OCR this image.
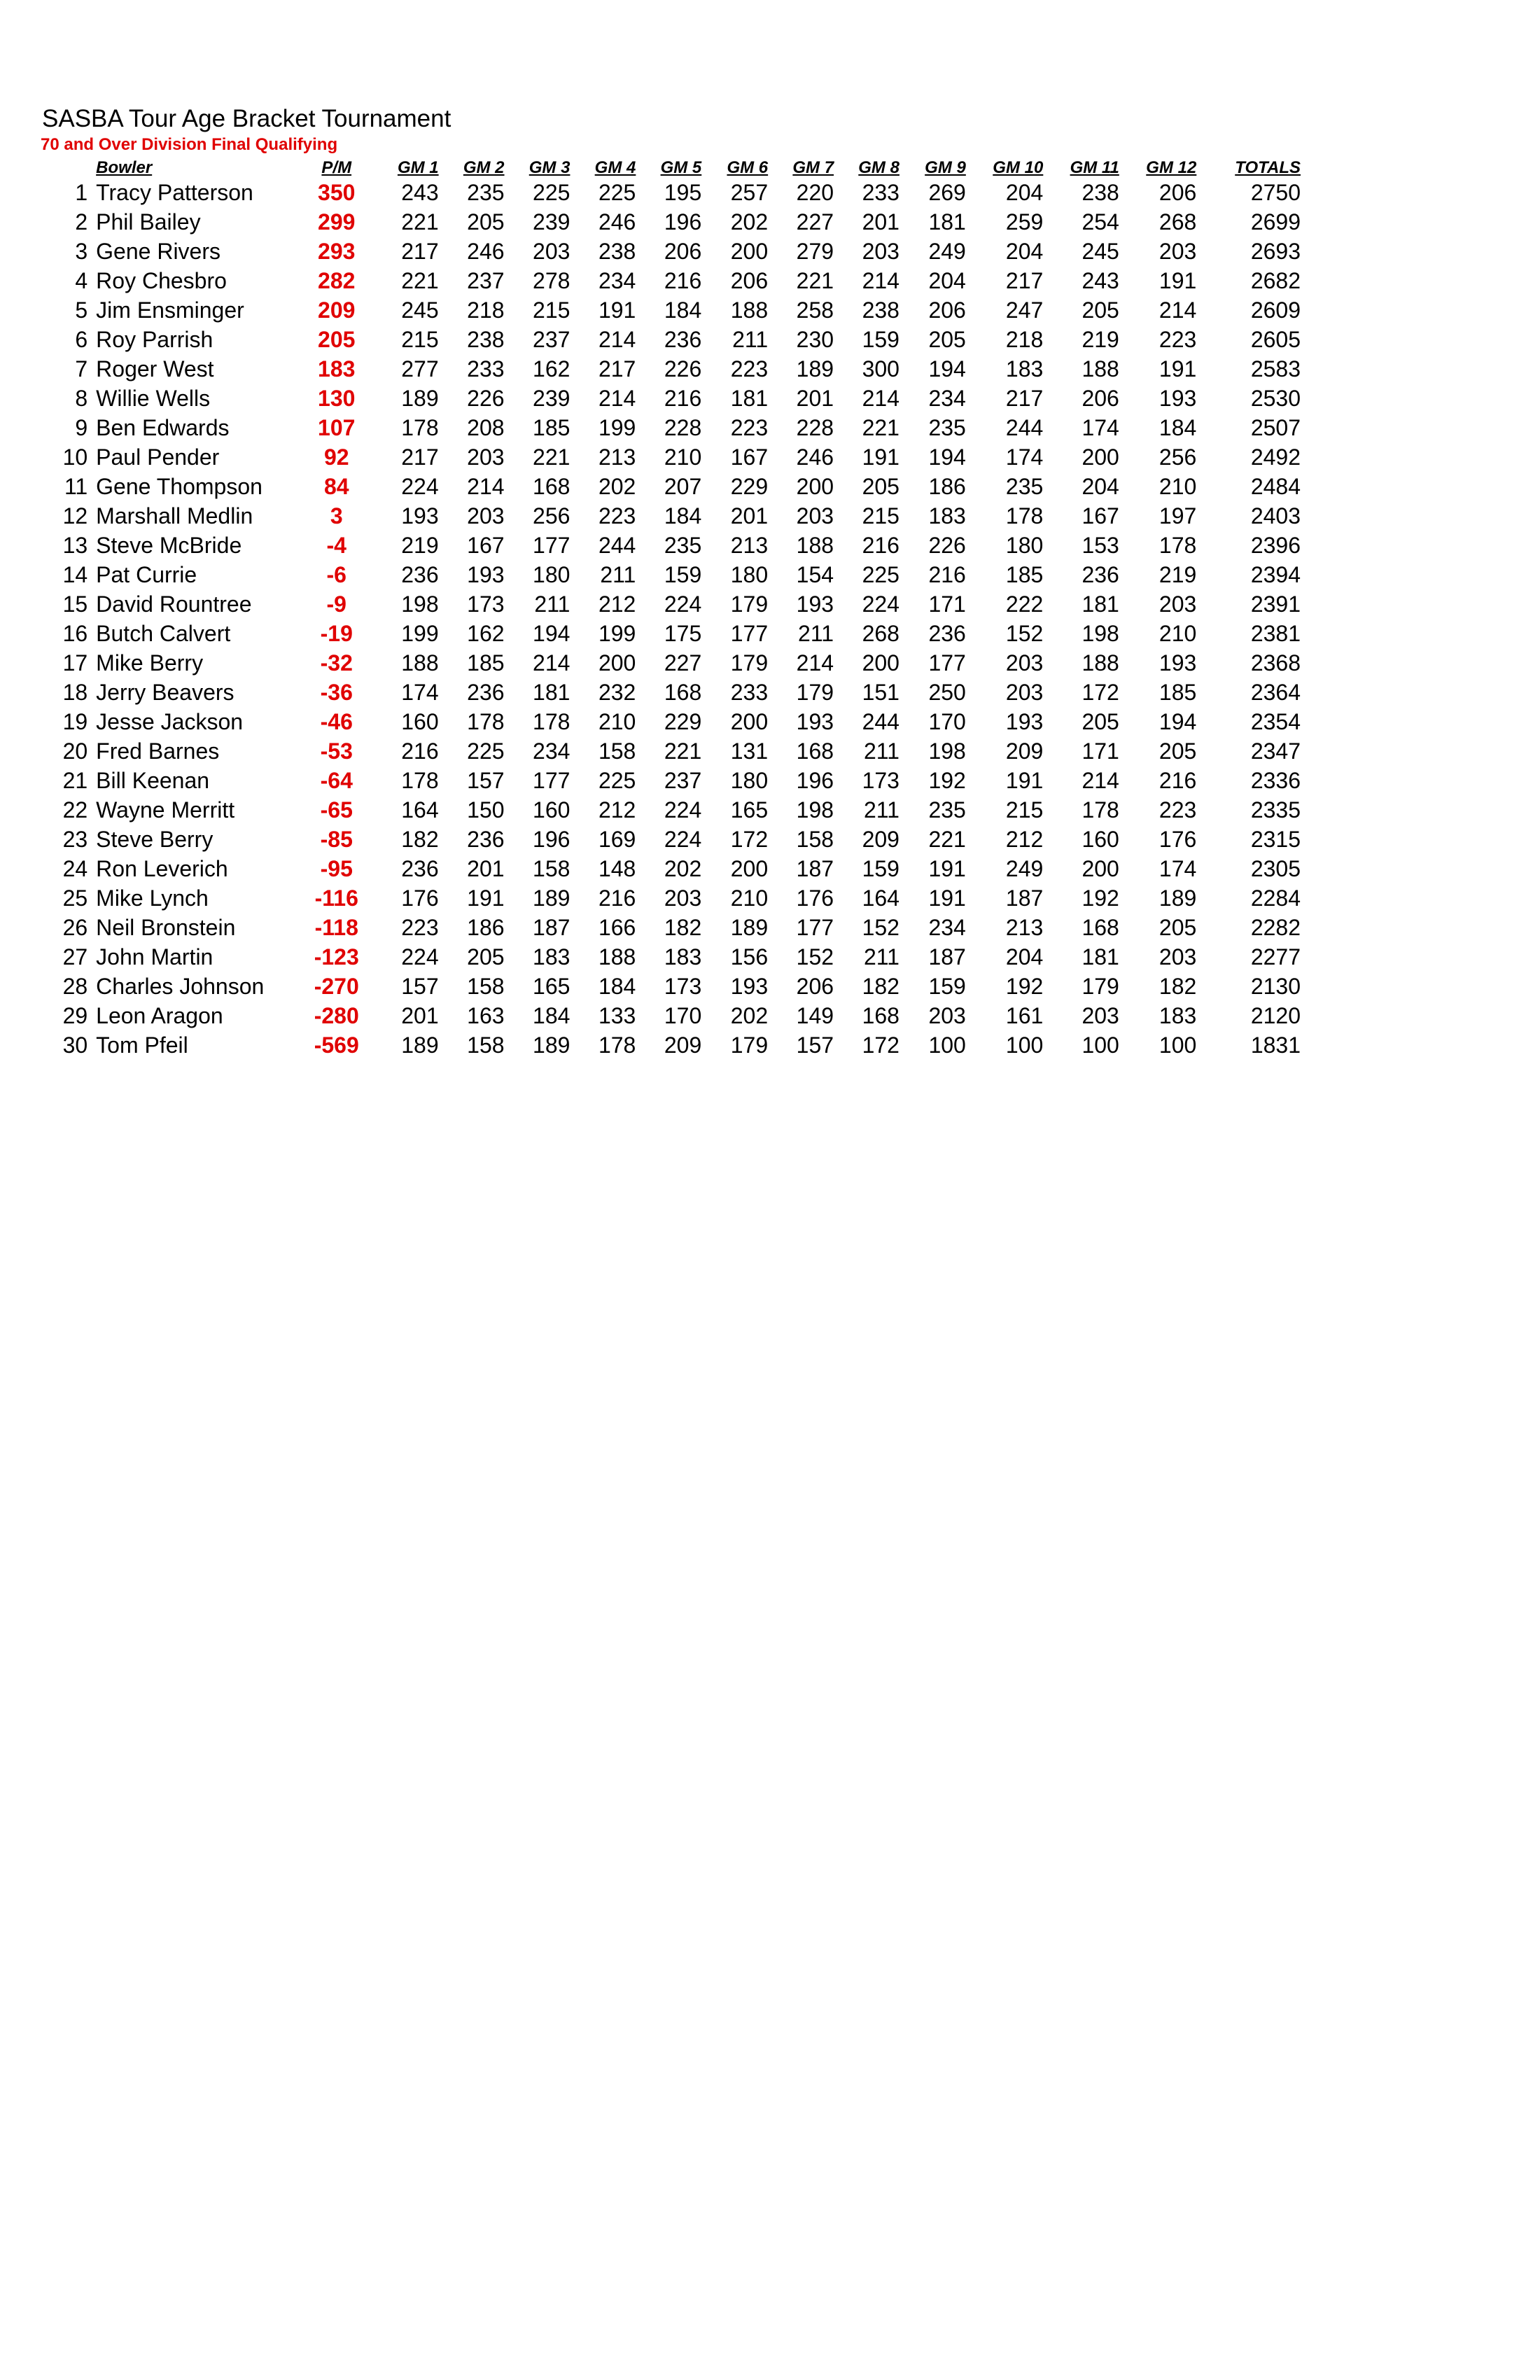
SASBA Tour Age Bracket Tournament
70 and Over Division Final Qualifying
	Bowler	P/M	GM 1	GM 2	GM 3	GM 4	GM 5	GM 6	GM 7	GM 8	GM 9	GM 10	GM 11	GM 12	TOTALS
1	Tracy Patterson	350	243	235	225	225	195	257	220	233	269	204	238	206	2750
2	Phil Bailey	299	221	205	239	246	196	202	227	201	181	259	254	268	2699
3	Gene Rivers	293	217	246	203	238	206	200	279	203	249	204	245	203	2693
4	Roy Chesbro	282	221	237	278	234	216	206	221	214	204	217	243	191	2682
5	Jim Ensminger	209	245	218	215	191	184	188	258	238	206	247	205	214	2609
6	Roy Parrish	205	215	238	237	214	236	211	230	159	205	218	219	223	2605
7	Roger West	183	277	233	162	217	226	223	189	300	194	183	188	191	2583
8	Willie Wells	130	189	226	239	214	216	181	201	214	234	217	206	193	2530
9	Ben Edwards	107	178	208	185	199	228	223	228	221	235	244	174	184	2507
10	Paul Pender	92	217	203	221	213	210	167	246	191	194	174	200	256	2492
11	Gene Thompson	84	224	214	168	202	207	229	200	205	186	235	204	210	2484
12	Marshall Medlin	3	193	203	256	223	184	201	203	215	183	178	167	197	2403
13	Steve McBride	-4	219	167	177	244	235	213	188	216	226	180	153	178	2396
14	Pat Currie	-6	236	193	180	211	159	180	154	225	216	185	236	219	2394
15	David Rountree	-9	198	173	211	212	224	179	193	224	171	222	181	203	2391
16	Butch Calvert	-19	199	162	194	199	175	177	211	268	236	152	198	210	2381
17	Mike Berry	-32	188	185	214	200	227	179	214	200	177	203	188	193	2368
18	Jerry Beavers	-36	174	236	181	232	168	233	179	151	250	203	172	185	2364
19	Jesse Jackson	-46	160	178	178	210	229	200	193	244	170	193	205	194	2354
20	Fred Barnes	-53	216	225	234	158	221	131	168	211	198	209	171	205	2347
21	Bill Keenan	-64	178	157	177	225	237	180	196	173	192	191	214	216	2336
22	Wayne Merritt	-65	164	150	160	212	224	165	198	211	235	215	178	223	2335
23	Steve Berry	-85	182	236	196	169	224	172	158	209	221	212	160	176	2315
24	Ron Leverich	-95	236	201	158	148	202	200	187	159	191	249	200	174	2305
25	Mike Lynch	-116	176	191	189	216	203	210	176	164	191	187	192	189	2284
26	Neil Bronstein	-118	223	186	187	166	182	189	177	152	234	213	168	205	2282
27	John Martin	-123	224	205	183	188	183	156	152	211	187	204	181	203	2277
28	Charles Johnson	-270	157	158	165	184	173	193	206	182	159	192	179	182	2130
29	Leon Aragon	-280	201	163	184	133	170	202	149	168	203	161	203	183	2120
30	Tom Pfeil	-569	189	158	189	178	209	179	157	172	100	100	100	100	1831
